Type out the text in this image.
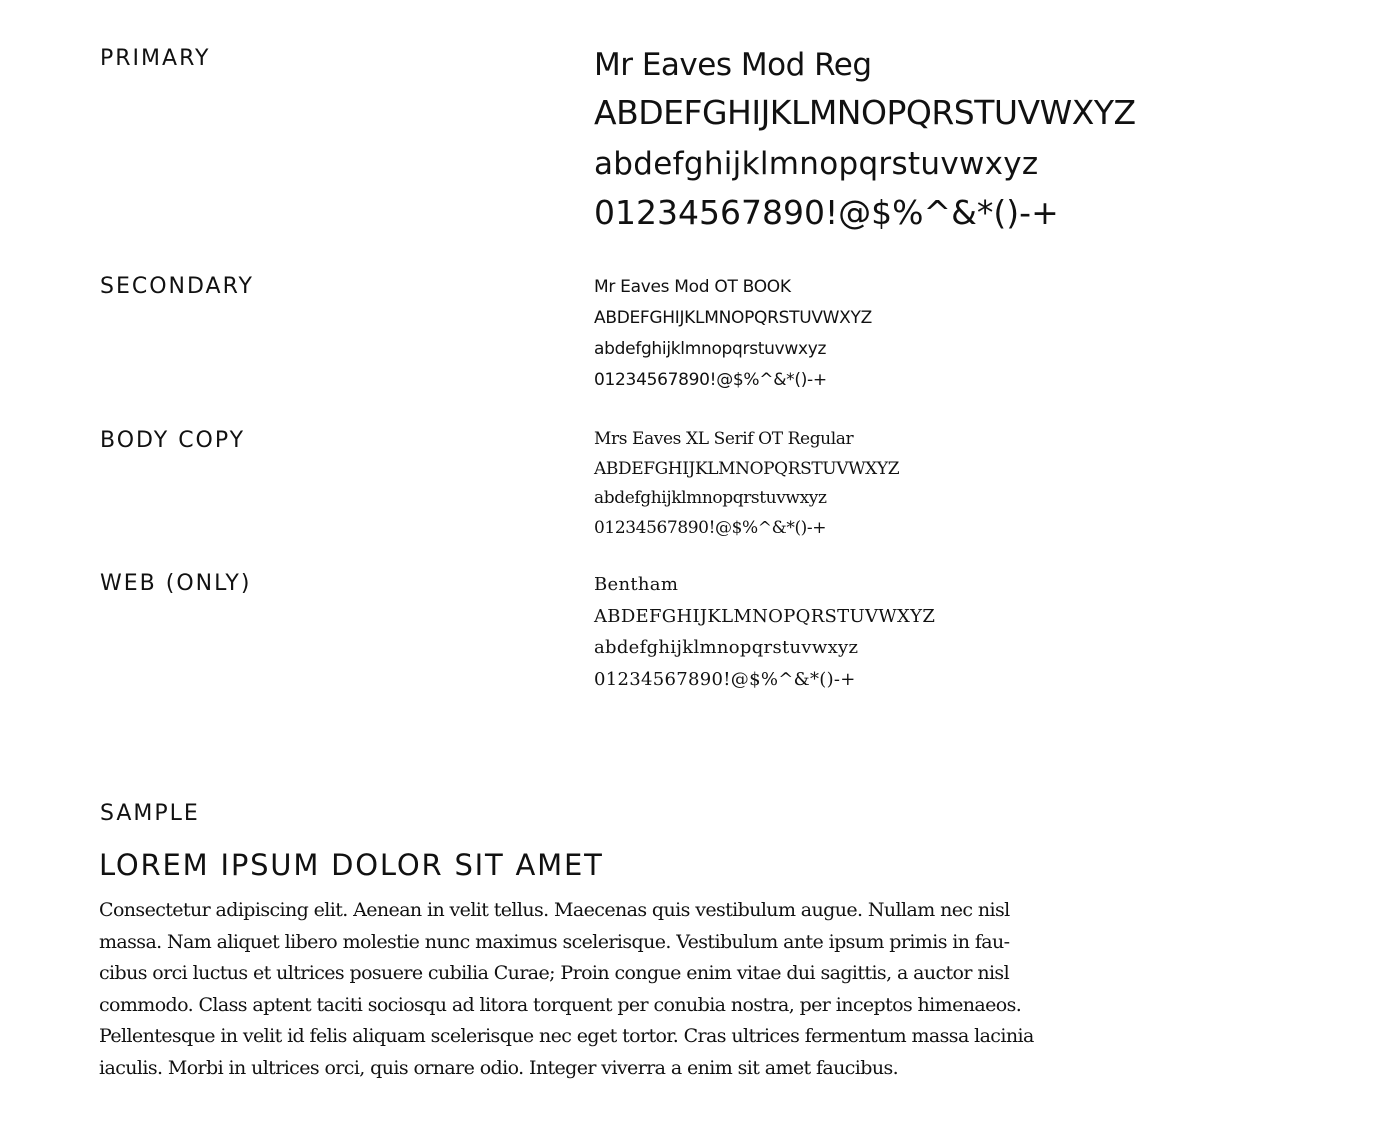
PRIMARY	Mr Eaves Mod Reg
ABDEFGHIJKLMNOPQRSTUVWXYZ
abdefghijklmnopqrstuvwxyz
01234567890!@$%^&*()-+
SECONDARY	Mr Eaves Mod OT BOOK
ABDEFGHIJKLMNOPQRSTUVWXYZ
abdefghijklmnopqrstuvwxyz
01234567890!@$%^&*()-+
BODY COPY	Mrs Eaves XL Serif OT Regular
ABDEFGHIJKLMNOPQRSTUVWXYZ
abdefghijklmnopqrstuvwxyz
01234567890!@$%^&*()-+
WEB (ONLY)	Bentham
ABDEFGHIJKLMNOPQRSTUVWXYZ
abdefghijklmnopqrstuvwxyz
01234567890!@$%^&*()-+
SAMPLE
LOREM IPSUM DOLOR SIT AMET

Consectetur adipiscing elit. Aenean in velit tellus. Maecenas quis vestibulum augue. Nullam nec nisl
massa. Nam aliquet libero molestie nunc maximus scelerisque. Vestibulum ante ipsum primis in fau-
cibus orci luctus et ultrices posuere cubilia Curae; Proin congue enim vitae dui sagittis, a auctor nisl
commodo. Class aptent taciti sociosqu ad litora torquent per conubia nostra, per inceptos himenaeos.
Pellentesque in velit id felis aliquam scelerisque nec eget tortor. Cras ultrices fermentum massa lacinia
iaculis. Morbi in ultrices orci, quis ornare odio. Integer viverra a enim sit amet faucibus.
